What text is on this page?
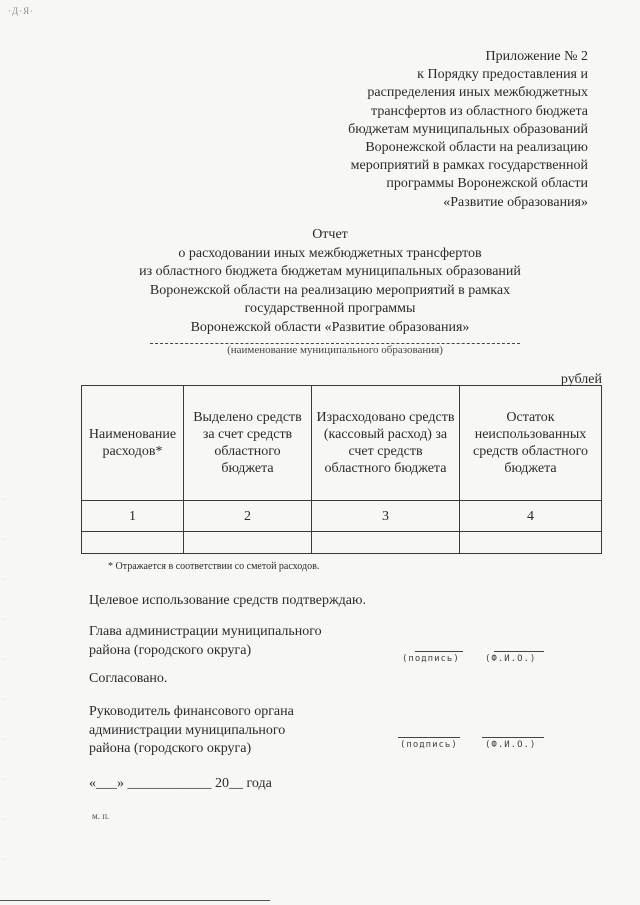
·Д·Я·
·
·
·
·
·
·
·
·
·
·
Приложение № 2
к Порядку предоставления и
распределения иных межбюджетных
трансфертов из областного бюджета
бюджетам муниципальных образований
Воронежской области на реализацию
мероприятий в рамках государственной
программы Воронежской области
«Развитие образования»
Отчет
о расходовании иных межбюджетных трансфертов
из областного бюджета бюджетам муниципальных образований
Воронежской области на реализацию мероприятий в рамках
государственной программы
Воронежской области «Развитие образования»
(наименование муниципального образования)
рублей
Наименование расходов*	Выделено средств за счет средств областного бюджета	Израсходовано средств (кассовый расход) за счет средств областного бюджета	Остаток неиспользованных средств областного бюджета
1	2	3	4

* Отражается в соответствии со сметой расходов.
Целевое использование средств подтверждаю.
Глава администрации муниципального
района (городского округа)
(подпись)	(Ф.И.О.)
Согласовано.
Руководитель финансового органа
администрации муниципального
района (городского округа)	(подпись)	(Ф.И.О.)
«___» ____________ 20__ года
м. п.
